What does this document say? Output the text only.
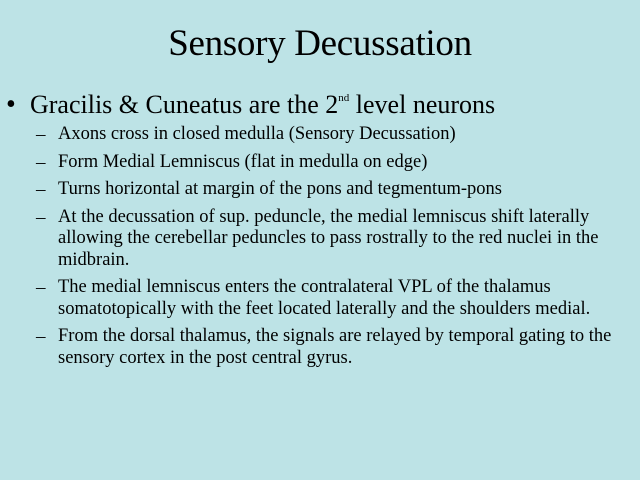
Sensory Decussation
• Gracilis & Cuneatus are the 2nd level neurons
– Axons cross in closed medulla (Sensory Decussation)
– Form Medial Lemniscus (flat in medulla on edge)
– Turns horizontal at margin of the pons and tegmentum-pons
– At the decussation of sup. peduncle, the medial lemniscus shift laterally allowing the cerebellar peduncles to pass rostrally to the red nuclei in the midbrain.
– The medial lemniscus enters the contralateral VPL of the thalamus somatotopically with the feet located laterally and the shoulders medial.
– From the dorsal thalamus, the signals are relayed by temporal gating to the sensory cortex in the post central gyrus.
